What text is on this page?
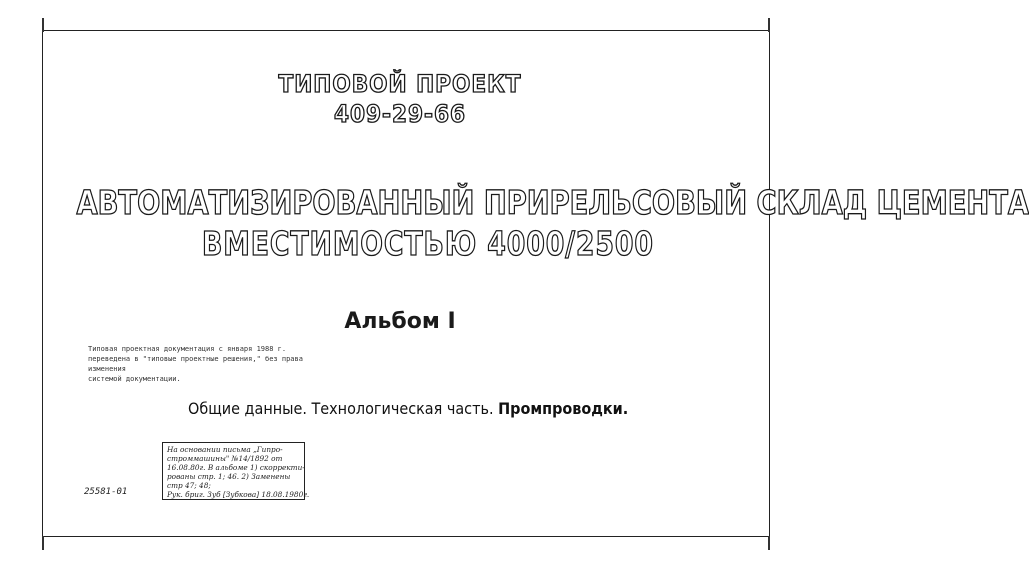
ТИПОВОЙ ПРОЕКТ
409-29-66
АВТОМАТИЗИРОВАННЫЙ ПРИРЕЛЬСОВЫЙ СКЛАД ЦЕМЕНТА
ВМЕСТИМОСТЬЮ 4000/2500
Альбом I
Типовая проектная документация с января 1988 г.
переведена в "типовые проектные решения," без права изменения
системой документации.
Общие данные. Технологическая часть. Промпроводки.
На основании письма „Гипро-
строммашины" №14/1892 от
16.08.80г. В альбоме 1) скорректи-
рованы стр. 1; 46. 2) Заменены
стр 47; 48;
Рук. бриг. Зуб [Зубкова] 18.08.1980г.
25581-01
